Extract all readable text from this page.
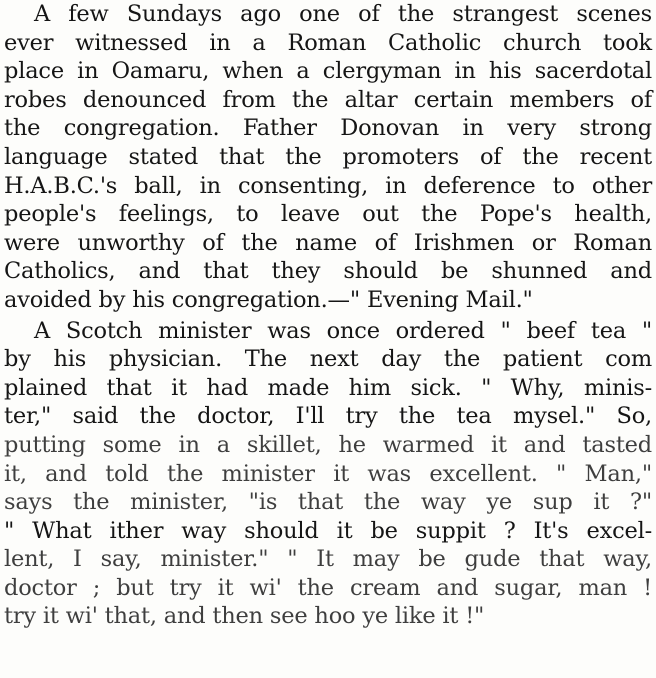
A few Sundays ago one of the strangest scenes
ever witnessed in a Roman Catholic church took
place in Oamaru, when a clergyman in his sacerdotal
robes denounced from the altar certain members of
the congregation. Father Donovan in very strong
language stated that the promoters of the recent
H.A.B.C.'s ball, in consenting, in deference to other
people's feelings, to leave out the Pope's health,
were unworthy of the name of Irishmen or Roman
Catholics, and that they should be shunned and
avoided by his congregation.—" Evening Mail."
A Scotch minister was once ordered " beef tea "
by his physician. The next day the patient com
plained that it had made him sick. " Why, minis-
ter," said the doctor, I'll try the tea mysel." So,
putting some in a skillet, he warmed it and tasted
it, and told the minister it was excellent. " Man,"
says the minister, "is that the way ye sup it ?"
" What ither way should it be suppit ? It's excel-
lent, I say, minister." " It may be gude that way,
doctor ; but try it wi' the cream and sugar, man !
try it wi' that, and then see hoo ye like it !"
